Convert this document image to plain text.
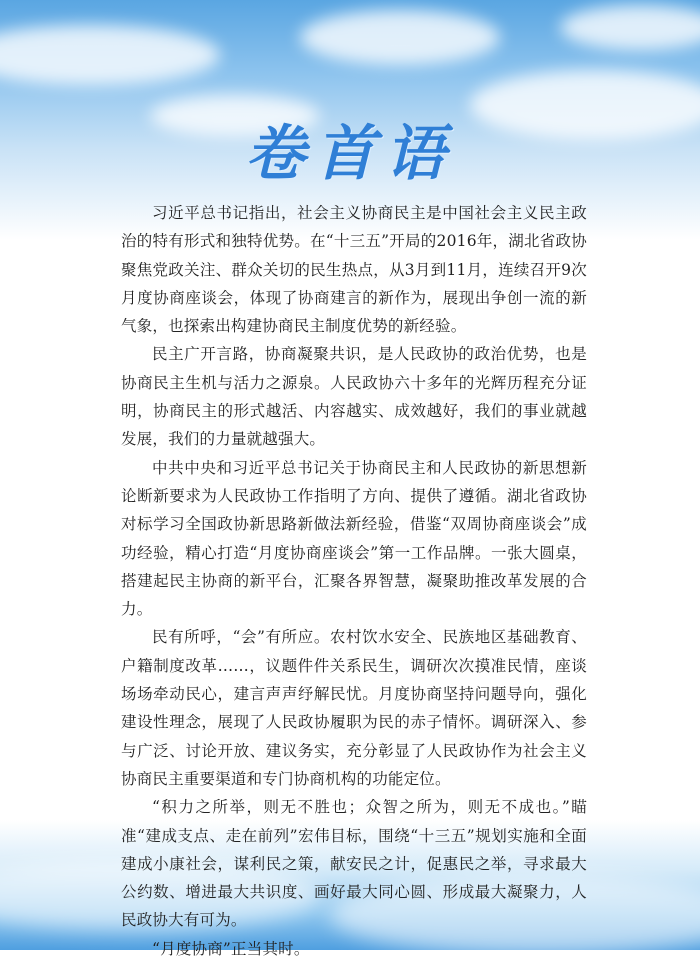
卷首语

习近平总书记指出，社会主义协商民主是中国社会主义民主政治的特有形式和独特优势。在“十三五”开局的2016年，湖北省政协聚焦党政关注、群众关切的民生热点，从3月到11月，连续召开9次月度协商座谈会，体现了协商建言的新作为，展现出争创一流的新气象，也探索出构建协商民主制度优势的新经验。

民主广开言路，协商凝聚共识，是人民政协的政治优势，也是协商民主生机与活力之源泉。人民政协六十多年的光辉历程充分证明，协商民主的形式越活、内容越实、成效越好，我们的事业就越发展，我们的力量就越强大。

中共中央和习近平总书记关于协商民主和人民政协的新思想新论断新要求为人民政协工作指明了方向、提供了遵循。湖北省政协对标学习全国政协新思路新做法新经验，借鉴“双周协商座谈会”成功经验，精心打造“月度协商座谈会”第一工作品牌。一张大圆桌，搭建起民主协商的新平台，汇聚各界智慧，凝聚助推改革发展的合力。

民有所呼，“会”有所应。农村饮水安全、民族地区基础教育、户籍制度改革……，议题件件关系民生，调研次次摸准民情，座谈场场牵动民心，建言声声纾解民忧。月度协商坚持问题导向，强化建设性理念，展现了人民政协履职为民的赤子情怀。调研深入、参与广泛、讨论开放、建议务实，充分彰显了人民政协作为社会主义协商民主重要渠道和专门协商机构的功能定位。

“积力之所举，则无不胜也；众智之所为，则无不成也。”瞄准“建成支点、走在前列”宏伟目标，围绕“十三五”规划实施和全面建成小康社会，谋利民之策，献安民之计，促惠民之举，寻求最大公约数、增进最大共识度、画好最大同心圆、形成最大凝聚力，人民政协大有可为。

“月度协商”正当其时。
